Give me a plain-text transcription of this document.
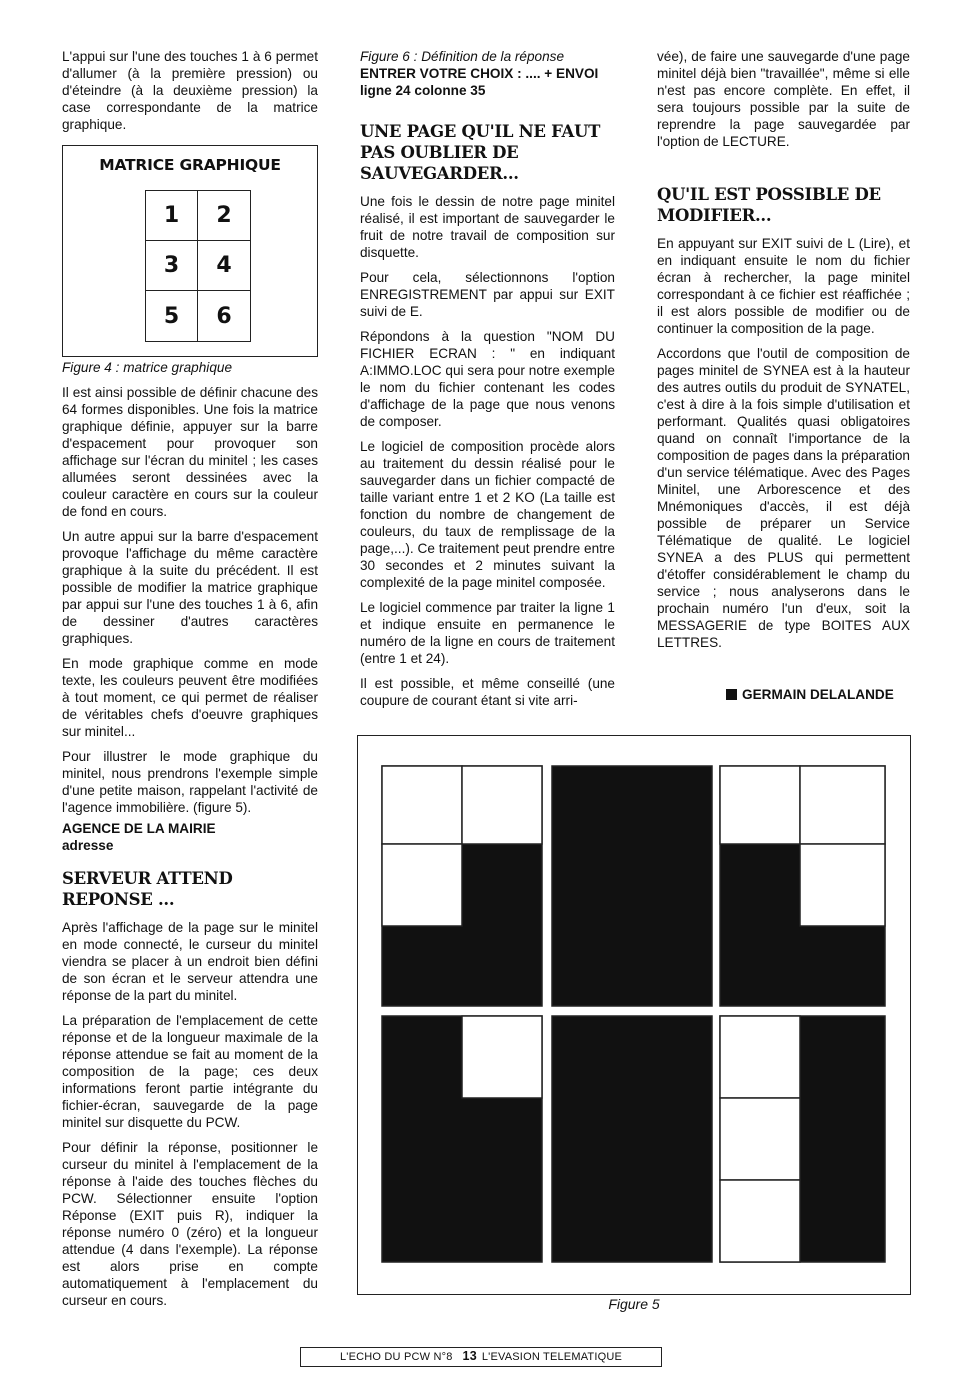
L'appui sur l'une des touches 1 à 6 permet d'allumer (à la première pression) ou d'éteindre (à la deuxième pression) la case correspondante de la matrice graphique.

MATRICE GRAPHIQUE
1	2
3	4
5	6

Figure 4 : matrice graphique

Il est ainsi possible de définir chacune des 64 formes disponibles. Une fois la matrice graphique définie, appuyer sur la barre d'espacement pour provoquer son affichage sur l'écran du minitel ; les cases allumées seront dessinées avec la couleur caractère en cours sur la couleur de fond en cours.

Un autre appui sur la barre d'espacement provoque l'affichage du même caractère graphique à la suite du précédent. Il est possible de modifier la matrice graphique par appui sur l'une des touches 1 à 6, afin de dessiner d'autres caractères graphiques.

En mode graphique comme en mode texte, les couleurs peuvent être modifiées à tout moment, ce qui permet de réaliser de véritables chefs d'oeuvre graphiques sur minitel...

Pour illustrer le mode graphique du minitel, nous prendrons l'exemple simple d'une petite maison, rappelant l'activité de l'agence immobilière. (figure 5).

AGENCE DE LA MAIRIE

adresse

SERVEUR ATTEND REPONSE ...

Après l'affichage de la page sur le minitel en mode connecté, le curseur du minitel viendra se placer à un endroit bien défini de son écran et le serveur attendra une réponse de la part du minitel.

La préparation de l'emplacement de cette réponse et de la longueur maximale de la réponse attendue se fait au moment de la composition de la page; ces deux informations feront partie intégrante du fichier-écran, sauvegarde de la page minitel sur disquette du PCW.

Pour définir la réponse, positionner le curseur du minitel à l'emplacement de la réponse à l'aide des touches flèches du PCW. Sélectionner ensuite l'option Réponse (EXIT puis R), indiquer la réponse numéro 0 (zéro) et la longueur attendue (4 dans l'exemple). La réponse est alors prise en compte automatiquement à l'emplacement du curseur en cours.

Figure 6 : Définition de la réponse

ENTRER VOTRE CHOIX : .... + ENVOI

ligne 24 colonne 35

UNE PAGE QU'IL NE FAUT PAS OUBLIER DE SAUVEGARDER...

Une fois le dessin de notre page minitel réalisé, il est important de sauvegarder le fruit de notre travail de composition sur disquette.

Pour cela, sélectionnons l'option ENREGISTREMENT par appui sur EXIT suivi de E.

Répondons à la question "NOM DU FICHIER ECRAN : " en indiquant A:IMMO.LOC qui sera pour notre exemple le nom du fichier contenant les codes d'affichage de la page que nous venons de composer.

Le logiciel de composition procède alors au traitement du dessin réalisé pour le sauvegarder dans un fichier compacté de taille variant entre 1 et 2 KO (La taille est fonction du nombre de changement de couleurs, du taux de remplissage de la page,...). Ce traitement peut prendre entre 30 secondes et 2 minutes suivant la complexité de la page minitel composée.

Le logiciel commence par traiter la ligne 1 et indique ensuite en permanence le numéro de la ligne en cours de traitement (entre 1 et 24).

Il est possible, et même conseillé (une coupure de courant étant si vite arri-

vée), de faire une sauvegarde d'une page minitel déjà bien "travaillée", même si elle n'est pas encore complète. En effet, il sera toujours possible par la suite de reprendre la page sauvegardée par l'option de LECTURE.

QU'IL EST POSSIBLE DE MODIFIER...

En appuyant sur EXIT suivi de L (Lire), et en indiquant ensuite le nom du fichier écran à rechercher, la page minitel correspondant à ce fichier est réaffichée ; il est alors possible de modifier ou de continuer la composition de la page.

Accordons que l'outil de composition de pages minitel de SYNEA est à la hauteur des autres outils du produit de SYNATEL, c'est à dire à la fois simple d'utilisation et performant. Qualités quasi obligatoires quand on connaît l'importance de la composition de pages dans la préparation d'un service télématique. Avec des Pages Minitel, une Arborescence et des Mnémoniques d'accès, il est déjà possible de préparer un Service Télématique de qualité. Le logiciel SYNEA a des PLUS qui permettent d'étoffer considérablement le champ du service ; nous analyserons dans le prochain numéro l'un d'eux, soit la MESSAGERIE de type BOITES AUX LETTRES.

GERMAIN DELALANDE
Figure 5
L'ECHO DU PCW N°8 13 L'EVASION TELEMATIQUE
